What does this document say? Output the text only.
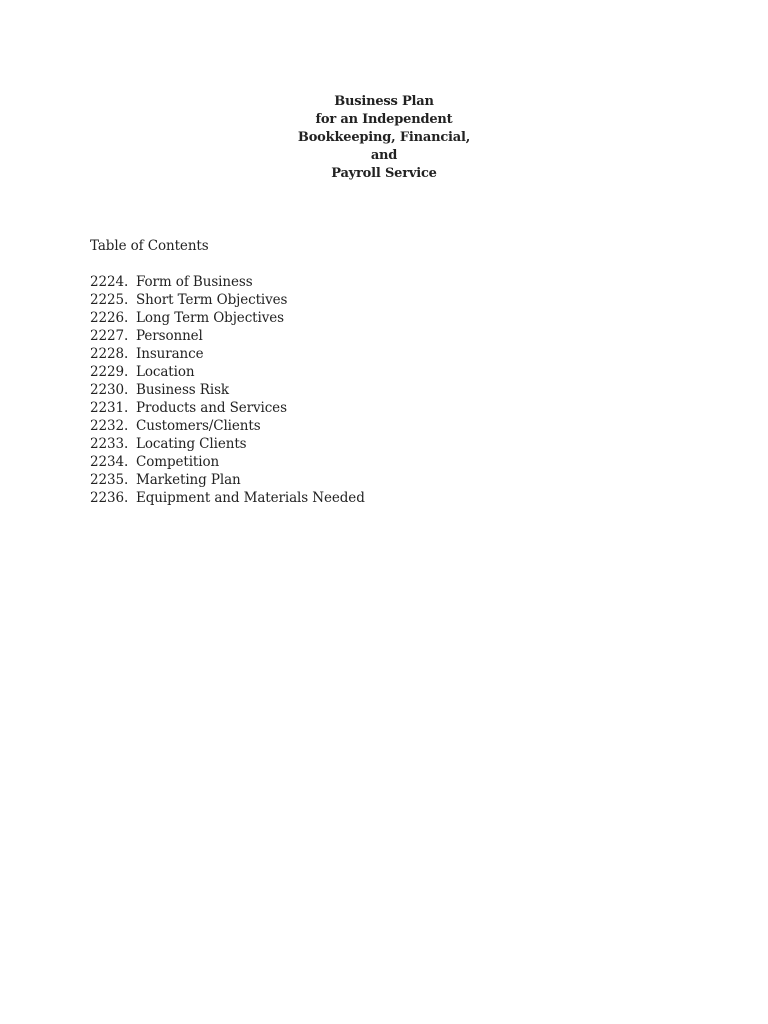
Business Plan
for an Independent
Bookkeeping, Financial,
and
Payroll Service
Table of Contents
2224. Form of Business
2225. Short Term Objectives
2226. Long Term Objectives
2227. Personnel
2228. Insurance
2229. Location
2230. Business Risk
2231. Products and Services
2232. Customers/Clients
2233. Locating Clients
2234. Competition
2235. Marketing Plan
2236. Equipment and Materials Needed
